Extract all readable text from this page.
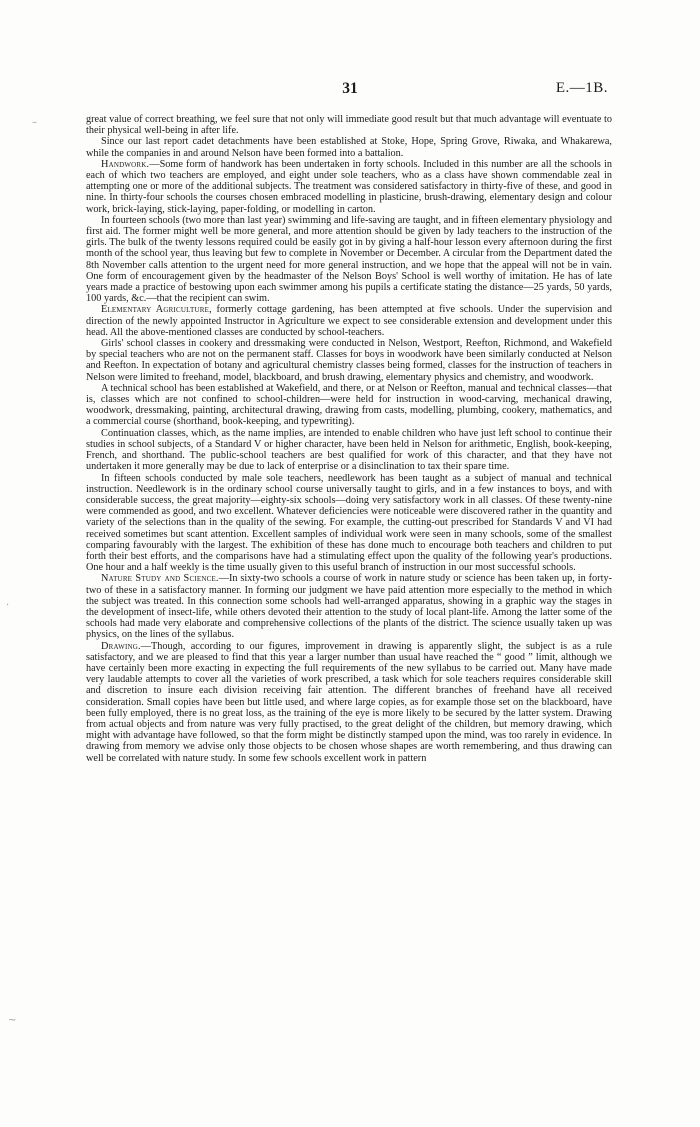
31	E.—1B.

great value of correct breathing, we feel sure that not only will immediate good result but that much advantage will eventuate to their physical well-being in after life.

Since our last report cadet detachments have been established at Stoke, Hope, Spring Grove, Riwaka, and Whakarewa, while the companies in and around Nelson have been formed into a battalion.

Handwork.—Some form of handwork has been undertaken in forty schools. Included in this number are all the schools in each of which two teachers are employed, and eight under sole teachers, who as a class have shown commendable zeal in attempting one or more of the additional subjects. The treatment was considered satisfactory in thirty-five of these, and good in nine. In thirty-four schools the courses chosen embraced modelling in plasticine, brush-drawing, elementary design and colour work, brick-laying, stick-laying, paper-folding, or modelling in carton.

In fourteen schools (two more than last year) swimming and life-saving are taught, and in fifteen elementary physiology and first aid. The former might well be more general, and more attention should be given by lady teachers to the instruction of the girls. The bulk of the twenty lessons required could be easily got in by giving a half-hour lesson every afternoon during the first month of the school year, thus leaving but few to complete in November or December. A circular from the Department dated the 8th November calls attention to the urgent need for more general instruction, and we hope that the appeal will not be in vain. One form of encouragement given by the headmaster of the Nelson Boys' School is well worthy of imitation. He has of late years made a practice of bestowing upon each swimmer among his pupils a certificate stating the distance—25 yards, 50 yards, 100 yards, &c.—that the recipient can swim.

Elementary Agriculture, formerly cottage gardening, has been attempted at five schools. Under the supervision and direction of the newly appointed Instructor in Agriculture we expect to see considerable extension and development under this head. All the above-mentioned classes are conducted by school-teachers.

Girls' school classes in cookery and dressmaking were conducted in Nelson, Westport, Reefton, Richmond, and Wakefield by special teachers who are not on the permanent staff. Classes for boys in woodwork have been similarly conducted at Nelson and Reefton. In expectation of botany and agricultural chemistry classes being formed, classes for the instruction of teachers in Nelson were limited to freehand, model, blackboard, and brush drawing, elementary physics and chemistry, and woodwork.

A technical school has been established at Wakefield, and there, or at Nelson or Reefton, manual and technical classes—that is, classes which are not confined to school-children—were held for instruction in wood-carving, mechanical drawing, woodwork, dressmaking, painting, architectural drawing, drawing from casts, modelling, plumbing, cookery, mathematics, and a commercial course (shorthand, book-keeping, and typewriting).

Continuation classes, which, as the name implies, are intended to enable children who have just left school to continue their studies in school subjects, of a Standard V or higher character, have been held in Nelson for arithmetic, English, book-keeping, French, and shorthand. The public-school teachers are best qualified for work of this character, and that they have not undertaken it more generally may be due to lack of enterprise or a disinclination to tax their spare time.

In fifteen schools conducted by male sole teachers, needlework has been taught as a subject of manual and technical instruction. Needlework is in the ordinary school course universally taught to girls, and in a few instances to boys, and with considerable success, the great majority—eighty-six schools—doing very satisfactory work in all classes. Of these twenty-nine were commended as good, and two excellent. Whatever deficiencies were noticeable were discovered rather in the quantity and variety of the selections than in the quality of the sewing. For example, the cutting-out prescribed for Standards V and VI had received sometimes but scant attention. Excellent samples of individual work were seen in many schools, some of the smallest comparing favourably with the largest. The exhibition of these has done much to encourage both teachers and children to put forth their best efforts, and the comparisons have had a stimulating effect upon the quality of the following year's productions. One hour and a half weekly is the time usually given to this useful branch of instruction in our most successful schools.

Nature Study and Science.—In sixty-two schools a course of work in nature study or science has been taken up, in forty-two of these in a satisfactory manner. In forming our judgment we have paid attention more especially to the method in which the subject was treated. In this connection some schools had well-arranged apparatus, showing in a graphic way the stages in the development of insect-life, while others devoted their attention to the study of local plant-life. Among the latter some of the schools had made very elaborate and comprehensive collections of the plants of the district. The science usually taken up was physics, on the lines of the syllabus.

Drawing.—Though, according to our figures, improvement in drawing is apparently slight, the subject is as a rule satisfactory, and we are pleased to find that this year a larger number than usual have reached the “ good ” limit, although we have certainly been more exacting in expecting the full requirements of the new syllabus to be carried out. Many have made very laudable attempts to cover all the varieties of work prescribed, a task which for sole teachers requires considerable skill and discretion to insure each division receiving fair attention. The different branches of freehand have all received consideration. Small copies have been but little used, and where large copies, as for example those set on the blackboard, have been fully employed, there is no great loss, as the training of the eye is more likely to be secured by the latter system. Drawing from actual objects and from nature was very fully practised, to the great delight of the children, but memory drawing, which might with advantage have followed, so that the form might be distinctly stamped upon the mind, was too rarely in evidence. In drawing from memory we advise only those objects to be chosen whose shapes are worth remembering, and thus drawing can well be correlated with nature study. In some few schools excellent work in pattern

–
·
~
